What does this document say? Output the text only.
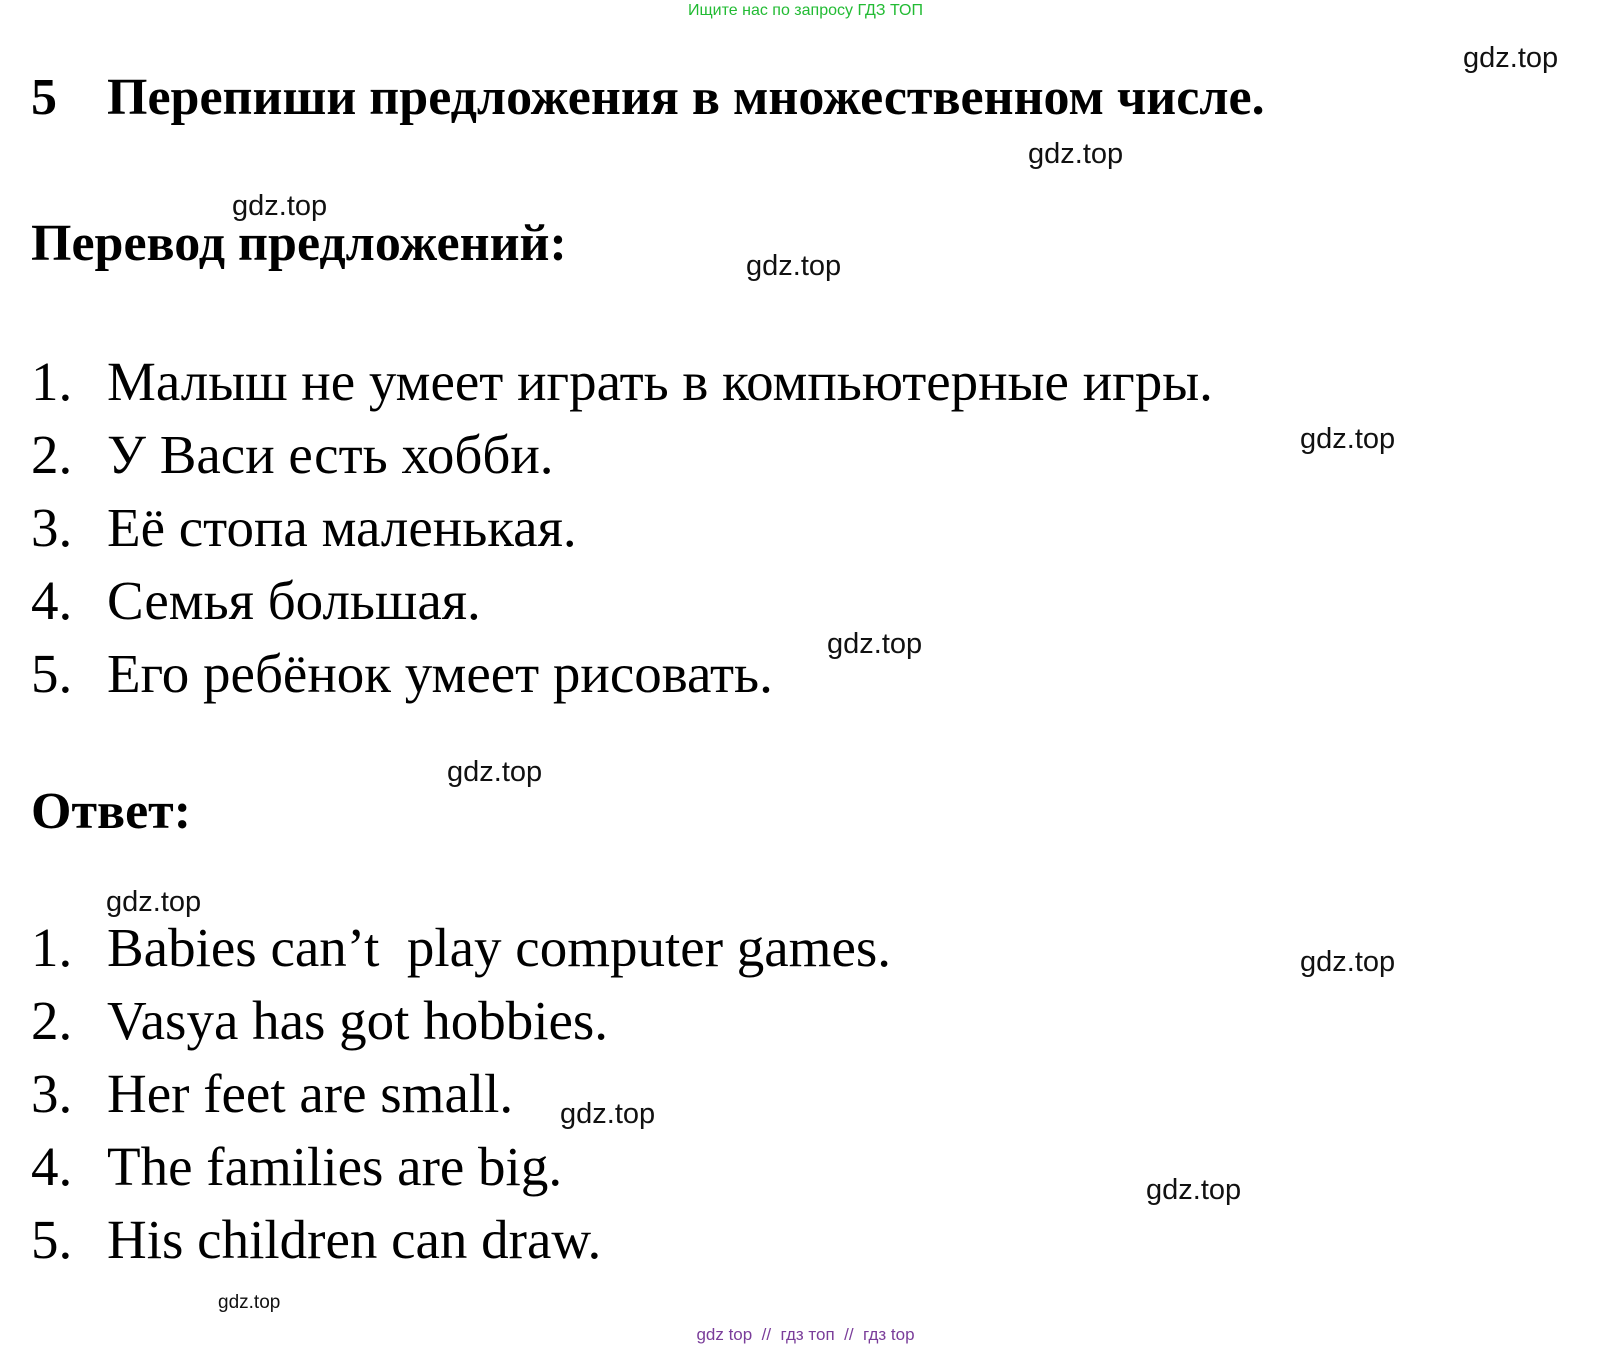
Ищите нас по запросу ГДЗ ТОП
5 Перепиши предложения в множественном числе.
Перевод предложений:
1. Малыш не умеет играть в компьютерные игры.
2. У Васи есть хобби.
3. Её стопа маленькая.
4. Семья большая.
5. Его ребёнок умеет рисовать.
Ответ:
1. Babies can’t  play computer games.
2. Vasya has got hobbies.
3. Her feet are small.
4. The families are big.
5. His children can draw.
gdz.top
gdz.top
gdz.top
gdz.top
gdz.top
gdz.top
gdz.top
gdz.top
gdz.top
gdz.top
gdz.top
gdz.top
gdz top  //  гдз топ  //  гдз top
